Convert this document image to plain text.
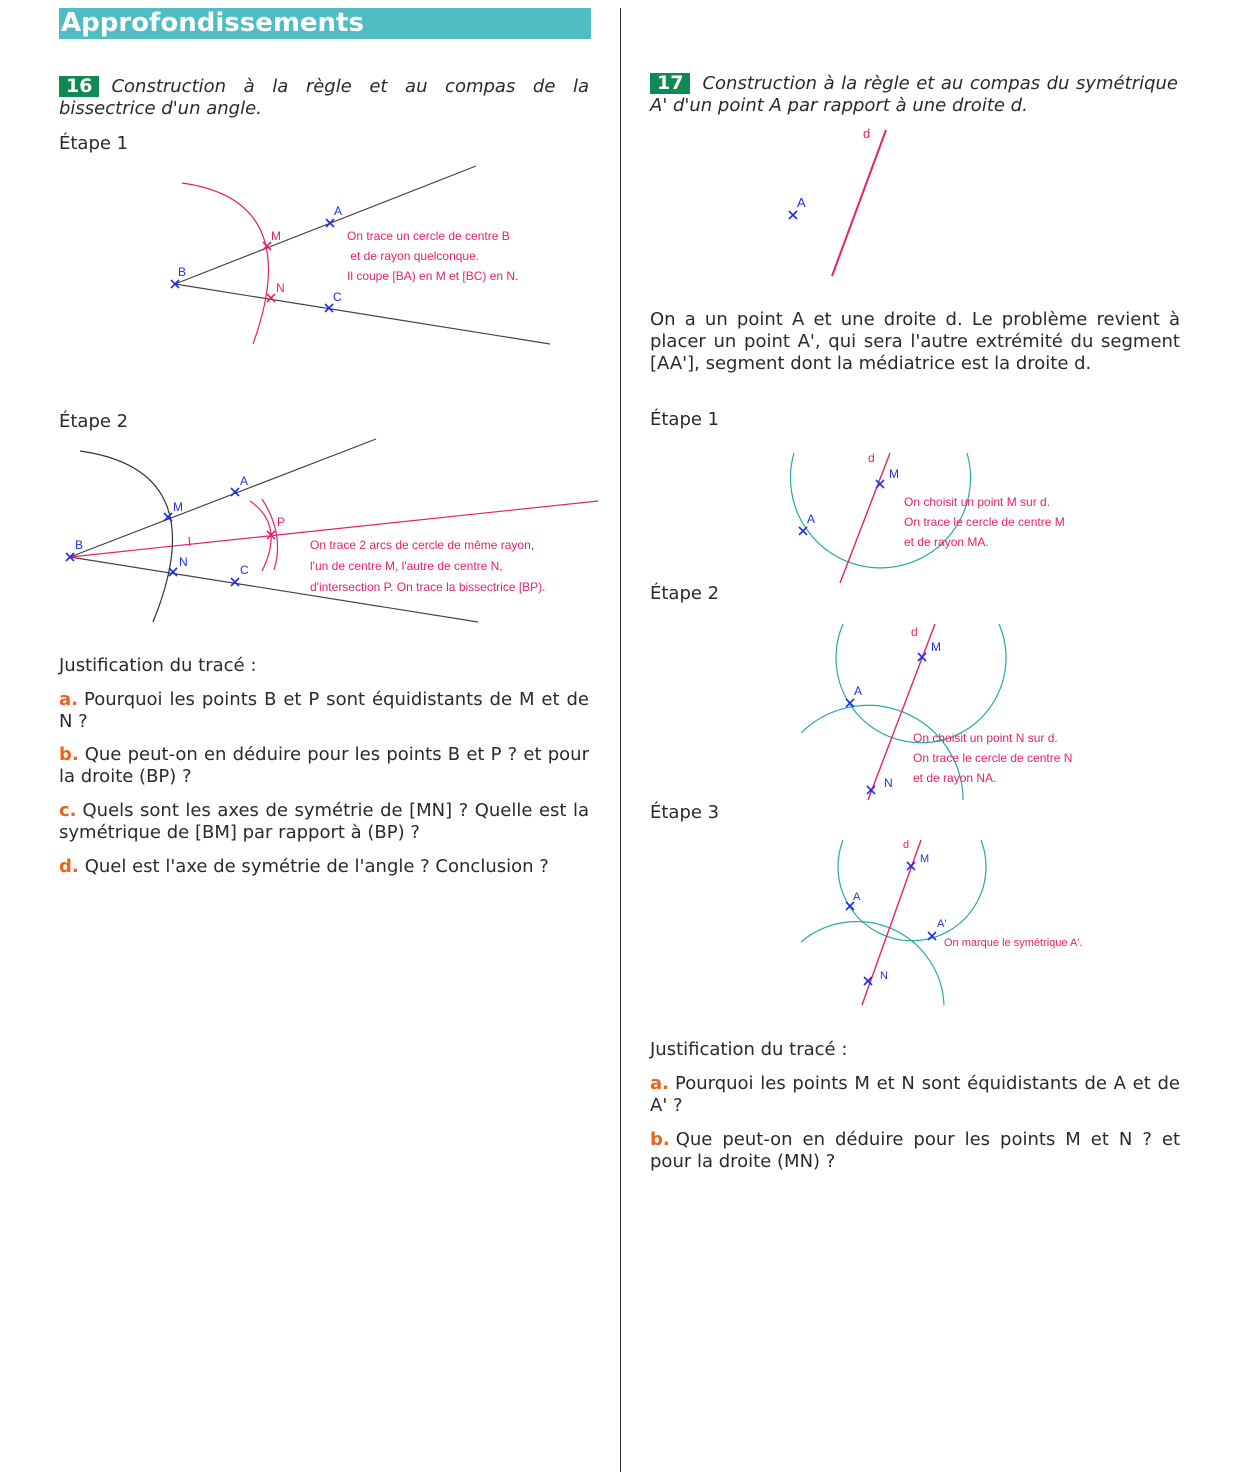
Approfondissements
16 Construction à la règle et au compas de la bissectrice d'un angle.
Étape 1
A
B
C
M
N
On trace un cercle de centre B
et de rayon quelconque.
Il coupe [BA) en M et [BC) en N.
Étape 2
A
B
C
M
N
P
On trace 2 arcs de cercle de même rayon,
l'un de centre M, l'autre de centre N,
d'intersection P. On trace la bissectrice [BP).
Justification du tracé :
a. Pourquoi les points B et P sont équidistants de M et de N ?
b. Que peut-on en déduire pour les points B et P ? et pour la droite (BP) ?
c. Quels sont les axes de symétrie de [MN] ? Quelle est la symétrique de [BM] par rapport à (BP) ?
d. Quel est l'axe de symétrie de l'angle ? Conclusion ?
17 Construction à la règle et au compas du symétrique A' d'un point A par rapport à une droite d.
A
d
On a un point A et une droite d. Le problème revient à placer un point A', qui sera l'autre extrémité du segment [AA'], segment dont la médiatrice est la droite d.
Étape 1
d
M
A
On choisit un point M sur d.
On trace le cercle de centre M
et de rayon MA.
Étape 2
d
M
A
N
On choisit un point N sur d.
On trace le cercle de centre N
et de rayon NA.
Étape 3
d
M
A
A'
N
On marque le symétrique A'.
Justification du tracé :
a. Pourquoi les points M et N sont équidistants de A et de A' ?
b. Que peut-on en déduire pour les points M et N ? et pour la droite (MN) ?
